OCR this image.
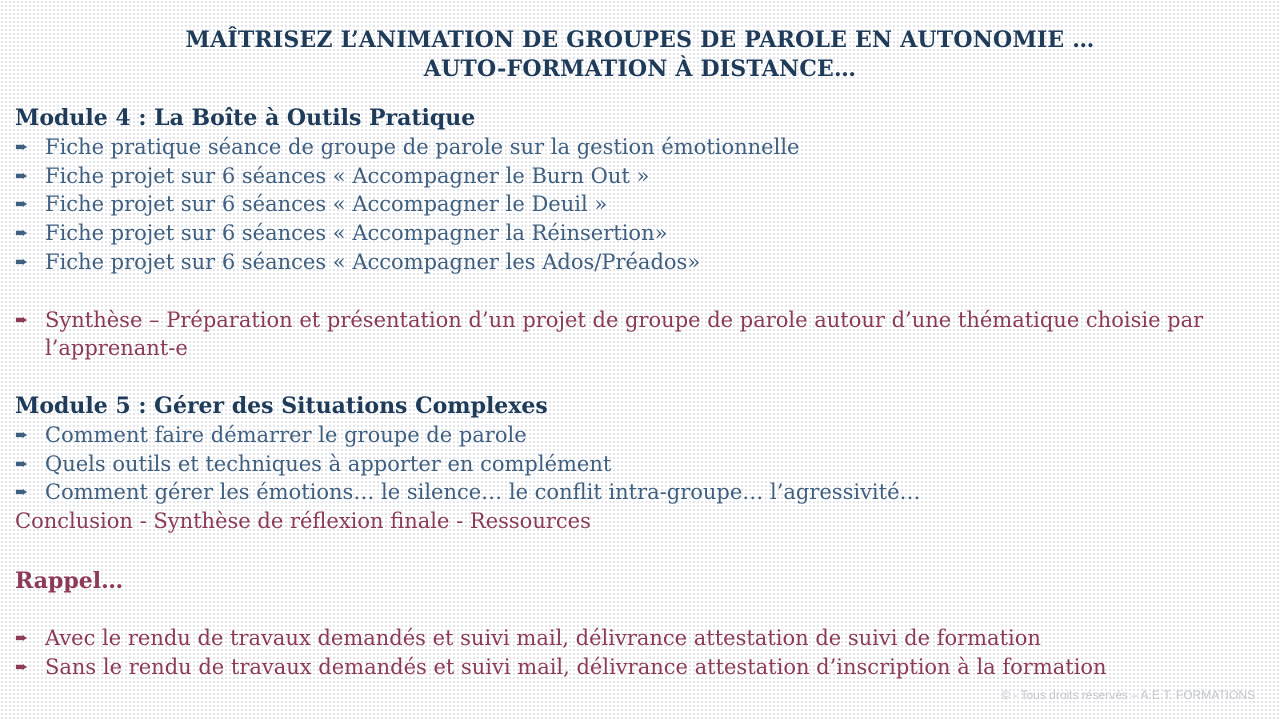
MAÎTRISEZ L’ANIMATION DE GROUPES DE PAROLE EN AUTONOMIE …
AUTO-FORMATION À DISTANCE…
Module 4 : La Boîte à Outils Pratique
➨ Fiche pratique séance de groupe de parole sur la gestion émotionnelle
➨ Fiche projet sur 6 séances « Accompagner le Burn Out »
➨ Fiche projet sur 6 séances « Accompagner le Deuil »
➨ Fiche projet sur 6 séances « Accompagner la Réinsertion»
➨ Fiche projet sur 6 séances « Accompagner les Ados/Préados»
➨ Synthèse – Préparation et présentation d’un projet de groupe de parole autour d’une thématique choisie par l’apprenant-e
Module 5 : Gérer des Situations Complexes
➨ Comment faire démarrer le groupe de parole
➨ Quels outils et techniques à apporter en complément
➨ Comment gérer les émotions… le silence… le conflit intra-groupe… l’agressivité…
Conclusion - Synthèse de réflexion finale - Ressources
Rappel…
➨ Avec le rendu de travaux demandés et suivi mail, délivrance attestation de suivi de formation
➨ Sans le rendu de travaux demandés et suivi mail, délivrance attestation d’inscription à la formation
© - Tous droits réservés – A.E.T. FORMATIONS
